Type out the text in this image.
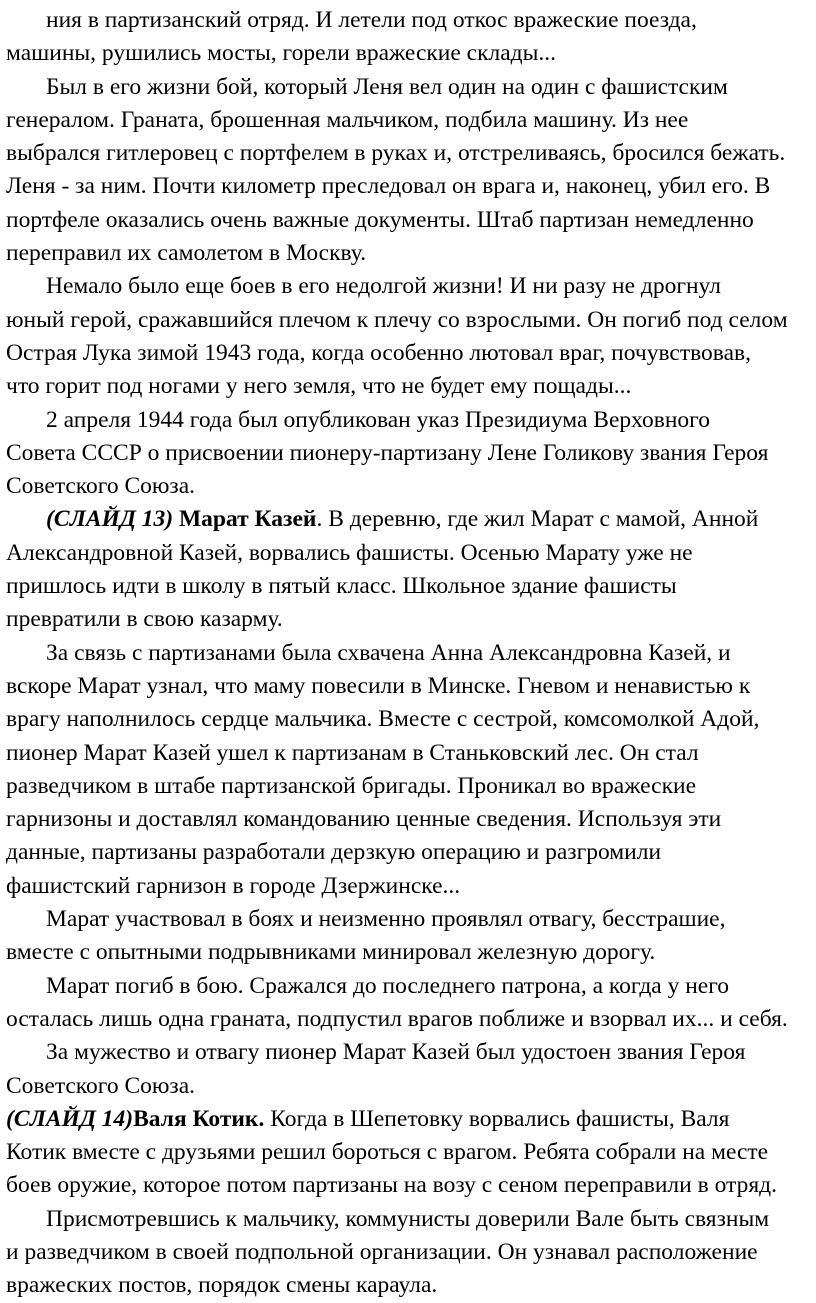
ния в партизанский отряд. И летели под откос вражеские поезда,
машины, рушились мосты, горели вражеские склады...
Был в его жизни бой, который Леня вел один на один с фашистским
генералом. Граната, брошенная мальчиком, подбила машину. Из нее
выбрался гитлеровец с портфелем в руках и, отстреливаясь, бросился бежать.
Леня - за ним. Почти километр преследовал он врага и, наконец, убил его. В
портфеле оказались очень важные документы. Штаб партизан немедленно
переправил их самолетом в Москву.
Немало было еще боев в его недолгой жизни! И ни разу не дрогнул
юный герой, сражавшийся плечом к плечу со взрослыми. Он погиб под селом
Острая Лука зимой 1943 года, когда особенно лютовал враг, почувствовав,
что горит под ногами у него земля, что не будет ему пощады...
2 апреля 1944 года был опубликован указ Президиума Верховного
Совета СССР о присвоении пионеру-партизану Лене Голикову звания Героя
Советского Союза.
(СЛАЙД 13) Марат Казей. В деревню, где жил Марат с мамой, Анной
Александровной Казей, ворвались фашисты. Осенью Марату уже не
пришлось идти в школу в пятый класс. Школьное здание фашисты
превратили в свою казарму.
За связь с партизанами была схвачена Анна Александровна Казей, и
вскоре Марат узнал, что маму повесили в Минске. Гневом и ненавистью к
врагу наполнилось сердце мальчика. Вместе с сестрой, комсомолкой Адой,
пионер Марат Казей ушел к партизанам в Станьковский лес. Он стал
разведчиком в штабе партизанской бригады. Проникал во вражеские
гарнизоны и доставлял командованию ценные сведения. Используя эти
данные, партизаны разработали дерзкую операцию и разгромили
фашистский гарнизон в городе Дзержинске...
Марат участвовал в боях и неизменно проявлял отвагу, бесстрашие,
вместе с опытными подрывниками минировал железную дорогу.
Марат погиб в бою. Сражался до последнего патрона, а когда у него
осталась лишь одна граната, подпустил врагов поближе и взорвал их... и себя.
За мужество и отвагу пионер Марат Казей был удостоен звания Героя
Советского Союза.
(СЛАЙД 14)Валя Котик. Когда в Шепетовку ворвались фашисты, Валя
Котик вместе с друзьями решил бороться с врагом. Ребята собрали на месте
боев оружие, которое потом партизаны на возу с сеном переправили в отряд.
Присмотревшись к мальчику, коммунисты доверили Вале быть связным
и разведчиком в своей подпольной организации. Он узнавал расположение
вражеских постов, порядок смены караула.
